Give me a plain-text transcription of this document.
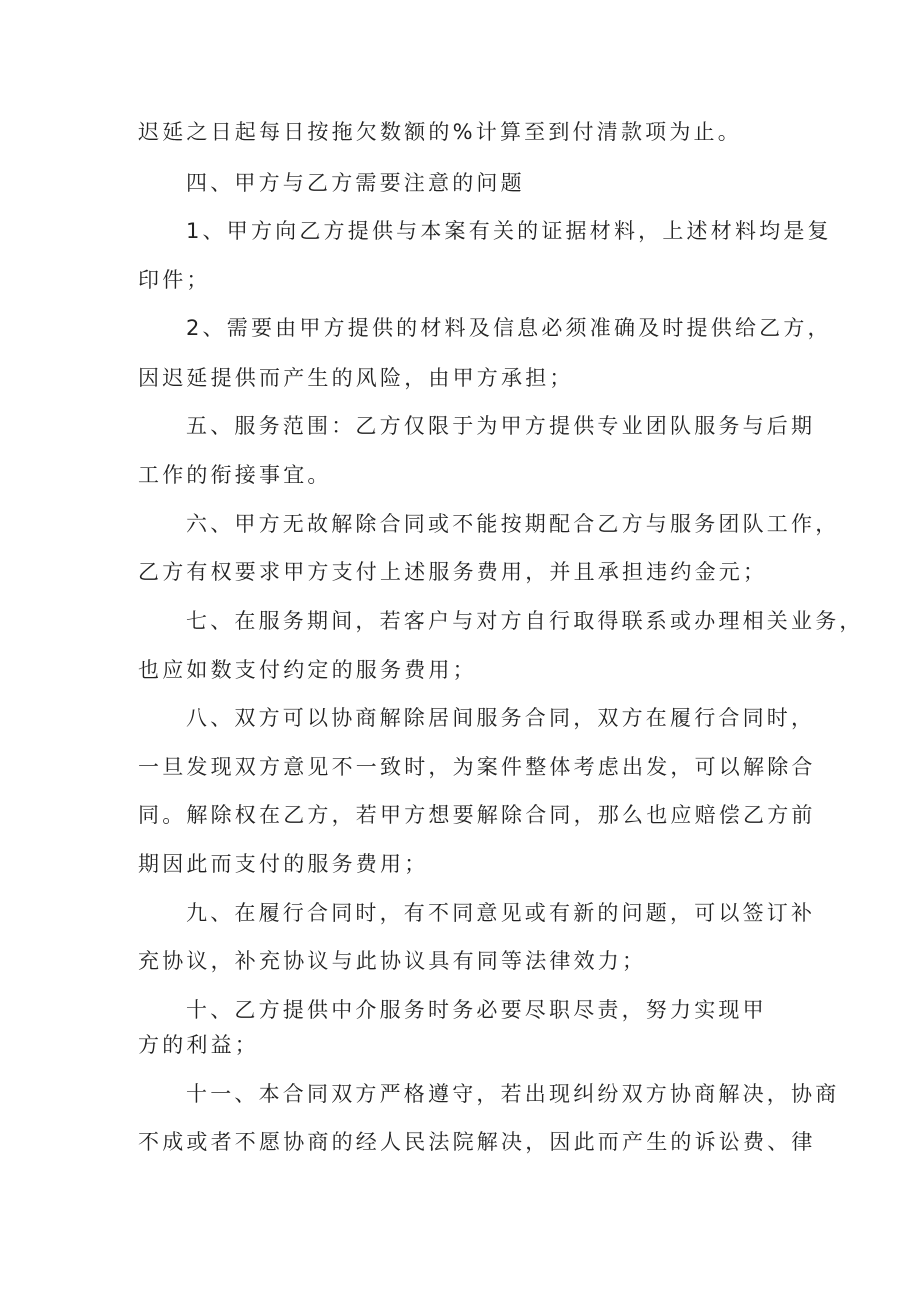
迟延之日起每日按拖欠数额的%计算至到付清款项为止。

四、甲方与乙方需要注意的问题

1、甲方向乙方提供与本案有关的证据材料，上述材料均是复

印件；

2、需要由甲方提供的材料及信息必须准确及时提供给乙方，

因迟延提供而产生的风险，由甲方承担；

五、服务范围：乙方仅限于为甲方提供专业团队服务与后期

工作的衔接事宜。

六、甲方无故解除合同或不能按期配合乙方与服务团队工作，

乙方有权要求甲方支付上述服务费用，并且承担违约金元；

七、在服务期间，若客户与对方自行取得联系或办理相关业务，

也应如数支付约定的服务费用；

八、双方可以协商解除居间服务合同，双方在履行合同时，

一旦发现双方意见不一致时，为案件整体考虑出发，可以解除合

同。解除权在乙方，若甲方想要解除合同，那么也应赔偿乙方前

期因此而支付的服务费用；

九、在履行合同时，有不同意见或有新的问题，可以签订补

充协议，补充协议与此协议具有同等法律效力；

十、乙方提供中介服务时务必要尽职尽责，努力实现甲

方的利益；

十一、本合同双方严格遵守，若出现纠纷双方协商解决，协商

不成或者不愿协商的经人民法院解决，因此而产生的诉讼费、律
